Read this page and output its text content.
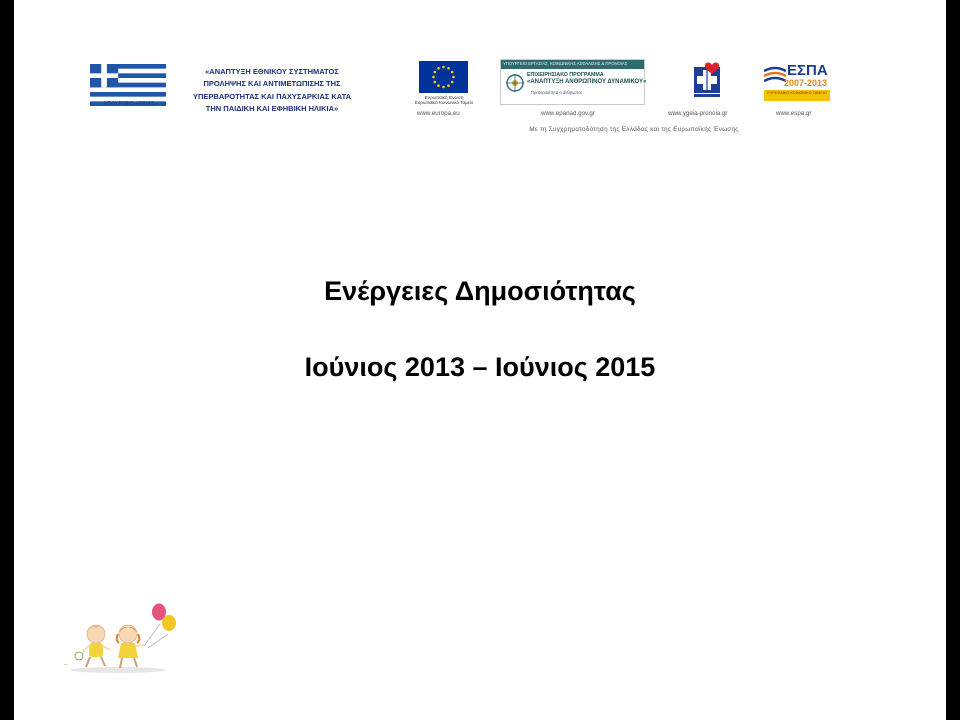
ΥΠΟΥΡΓΕΙΟ ΥΓΕΙΑΣ
«ΑΝΑΠΤΥΞΗ ΕΘΝΙΚΟΥ ΣΥΣΤΗΜΑΤΟΣ
ΠΡΟΛΗΨΗΣ ΚΑΙ ΑΝΤΙΜΕΤΩΠΙΣΗΣ ΤΗΣ
ΥΠΕΡΒΑΡΟΤΗΤΑΣ ΚΑΙ ΠΑΧΥΣΑΡΚΙΑΣ ΚΑΤΑ
ΤΗΝ ΠΑΙΔΙΚΗ ΚΑΙ ΕΦΗΒΙΚΗ ΗΛΙΚΙΑ»
Ευρωπαϊκή Ένωση
Ευρωπαϊκό Κοινωνικό Ταμείο
www.europa.eu
ΥΠΟΥΡΓΕΙΟ ΕΡΓΑΣΙΑΣ, ΚΟΙΝΩΝΙΚΗΣ ΑΣΦΑΛΙΣΗΣ & ΠΡΟΝΟΙΑΣ
ΕΠΙΧΕΙΡΗΣΙΑΚΟ ΠΡΟΓΡΑΜΜΑ
«ΑΝΑΠΤΥΞΗ ΑΝΘΡΩΠΙΝΟΥ ΔΥΝΑΜΙΚΟΥ»
Προτεραιότητα ο άνθρωπος
www.epanad.gov.gr	www.ygeia-pronoia.gr
ΕΣΠΑ
2007-2013
ΕΥΡΩΠΑΪΚΟ ΚΟΙΝΩΝΙΚΟ ΤΑΜΕΙΟ
www.espa.gr
Με τη Συγχρηματοδότηση της Ελλάδας και της Ευρωπαϊκής Ένωσης
Ενέργειες Δημοσιότητας
Ιούνιος 2013 – Ιούνιος 2015
~
